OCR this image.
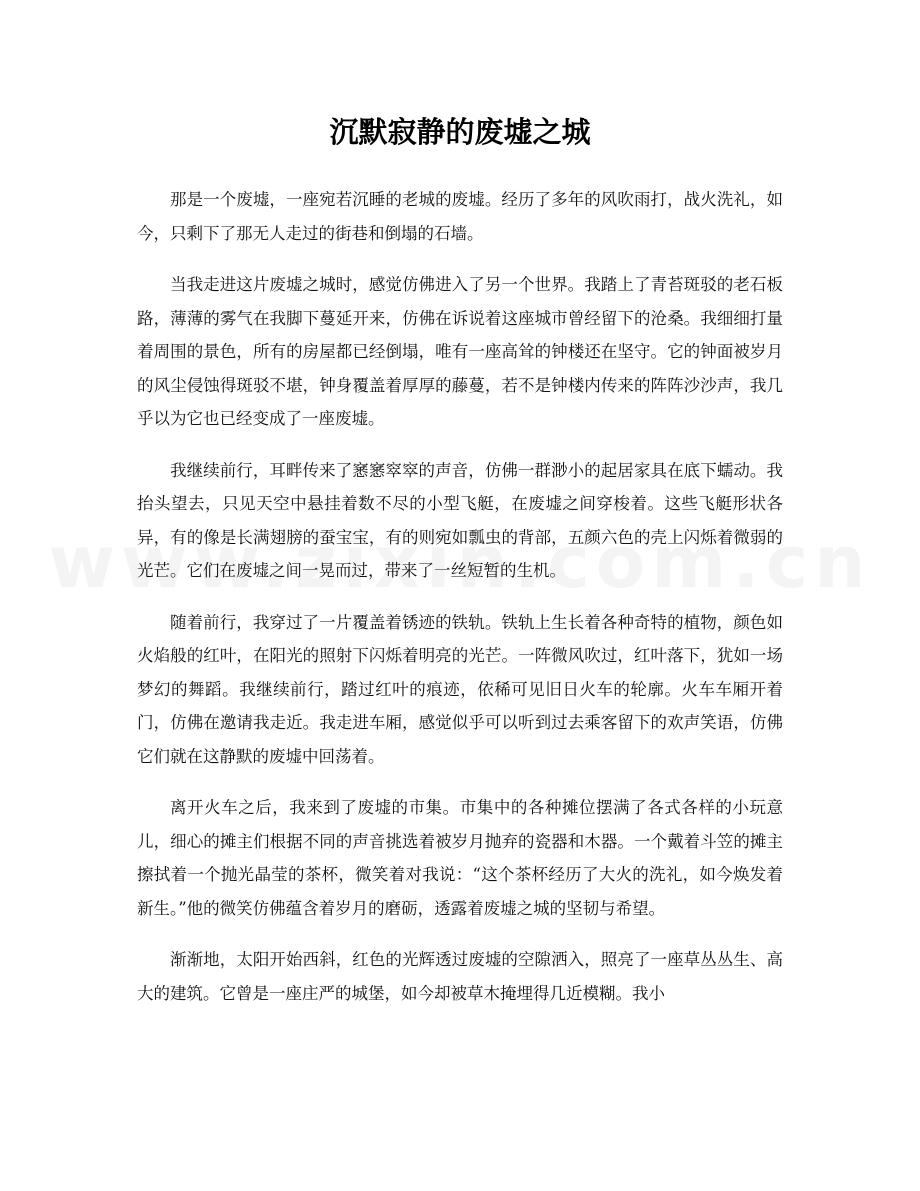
沉默寂静的废墟之城

那是一个废墟，一座宛若沉睡的老城的废墟。经历了多年的风吹雨打，战火洗礼，如今，只剩下了那无人走过的街巷和倒塌的石墙。

当我走进这片废墟之城时，感觉仿佛进入了另一个世界。我踏上了青苔斑驳的老石板路，薄薄的雾气在我脚下蔓延开来，仿佛在诉说着这座城市曾经留下的沧桑。我细细打量着周围的景色，所有的房屋都已经倒塌，唯有一座高耸的钟楼还在坚守。它的钟面被岁月的风尘侵蚀得斑驳不堪，钟身覆盖着厚厚的藤蔓，若不是钟楼内传来的阵阵沙沙声，我几乎以为它也已经变成了一座废墟。

我继续前行，耳畔传来了窸窸窣窣的声音，仿佛一群渺小的起居家具在底下蠕动。我抬头望去，只见天空中悬挂着数不尽的小型飞艇，在废墟之间穿梭着。这些飞艇形状各异，有的像是长满翅膀的蚕宝宝，有的则宛如瓢虫的背部，五颜六色的壳上闪烁着微弱的光芒。它们在废墟之间一晃而过，带来了一丝短暂的生机。

随着前行，我穿过了一片覆盖着锈迹的铁轨。铁轨上生长着各种奇特的植物，颜色如火焰般的红叶，在阳光的照射下闪烁着明亮的光芒。一阵微风吹过，红叶落下，犹如一场梦幻的舞蹈。我继续前行，踏过红叶的痕迹，依稀可见旧日火车的轮廓。火车车厢开着门，仿佛在邀请我走近。我走进车厢，感觉似乎可以听到过去乘客留下的欢声笑语，仿佛它们就在这静默的废墟中回荡着。

离开火车之后，我来到了废墟的市集。市集中的各种摊位摆满了各式各样的小玩意儿，细心的摊主们根据不同的声音挑选着被岁月抛弃的瓷器和木器。一个戴着斗笠的摊主擦拭着一个抛光晶莹的茶杯，微笑着对我说：“这个茶杯经历了大火的洗礼，如今焕发着新生。”他的微笑仿佛蕴含着岁月的磨砺，透露着废墟之城的坚韧与希望。

渐渐地，太阳开始西斜，红色的光辉透过废墟的空隙洒入，照亮了一座草丛丛生、高大的建筑。它曾是一座庄严的城堡，如今却被草木掩埋得几近模糊。我小
